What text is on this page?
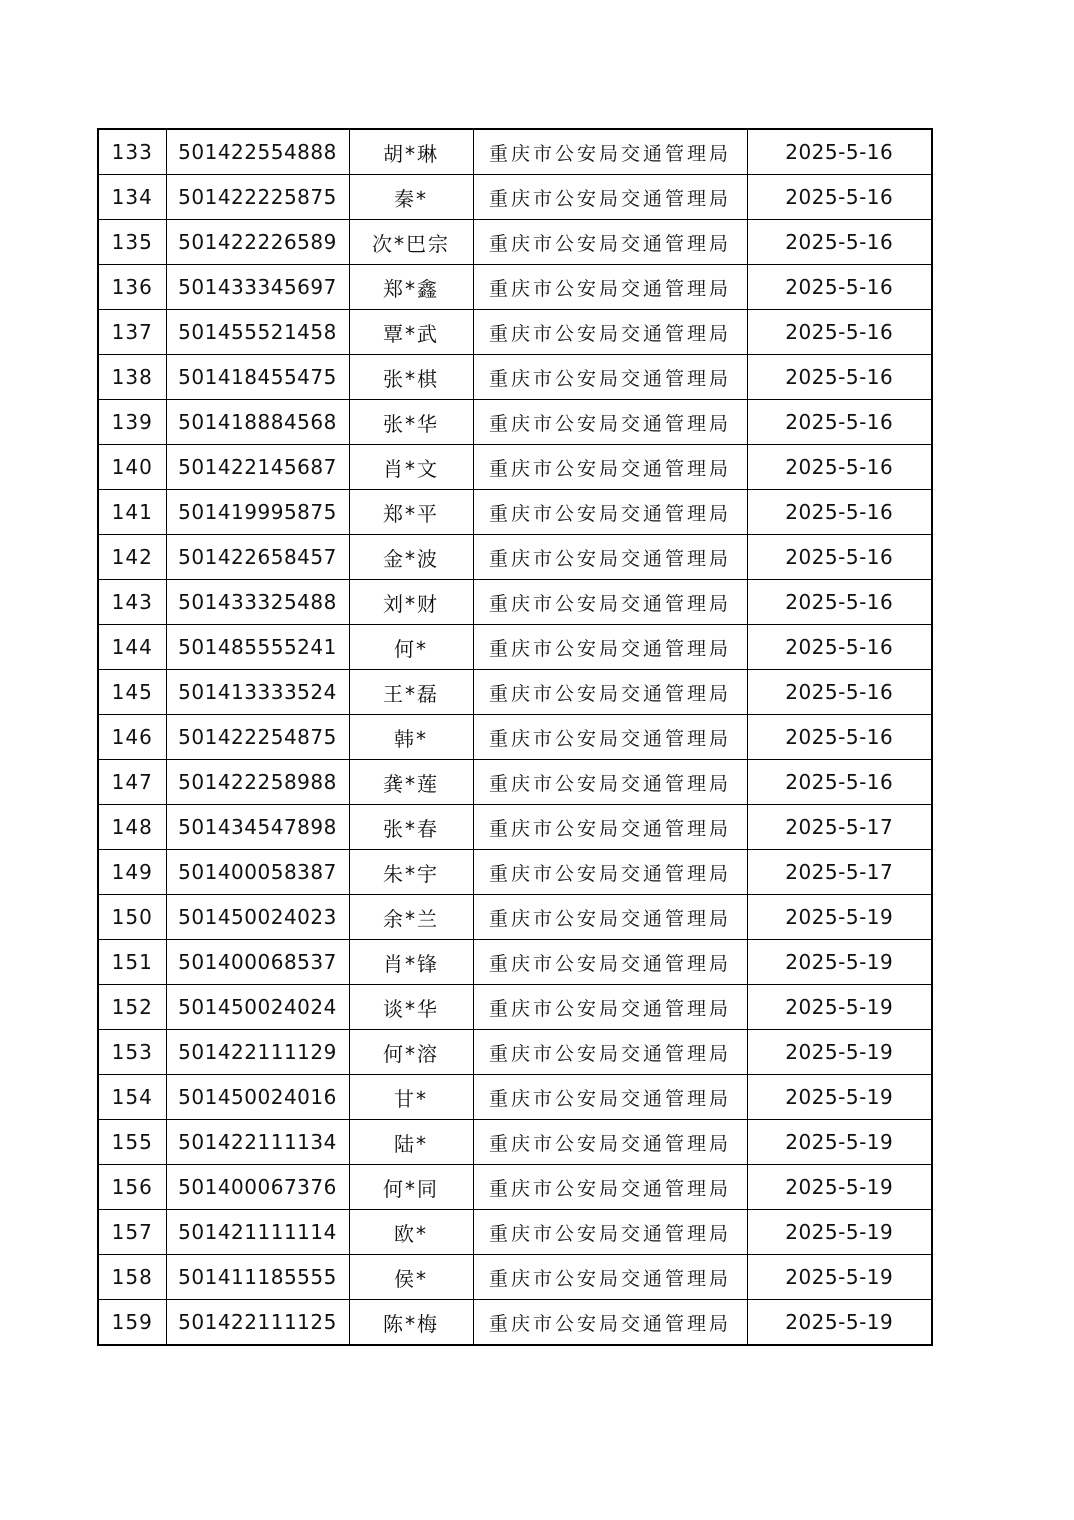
133	501422554888	胡*琳	重庆市公安局交通管理局	2025-5-16
134	501422225875	秦*	重庆市公安局交通管理局	2025-5-16
135	501422226589	次*巴宗	重庆市公安局交通管理局	2025-5-16
136	501433345697	郑*鑫	重庆市公安局交通管理局	2025-5-16
137	501455521458	覃*武	重庆市公安局交通管理局	2025-5-16
138	501418455475	张*棋	重庆市公安局交通管理局	2025-5-16
139	501418884568	张*华	重庆市公安局交通管理局	2025-5-16
140	501422145687	肖*文	重庆市公安局交通管理局	2025-5-16
141	501419995875	郑*平	重庆市公安局交通管理局	2025-5-16
142	501422658457	金*波	重庆市公安局交通管理局	2025-5-16
143	501433325488	刘*财	重庆市公安局交通管理局	2025-5-16
144	501485555241	何*	重庆市公安局交通管理局	2025-5-16
145	501413333524	王*磊	重庆市公安局交通管理局	2025-5-16
146	501422254875	韩*	重庆市公安局交通管理局	2025-5-16
147	501422258988	龚*莲	重庆市公安局交通管理局	2025-5-16
148	501434547898	张*春	重庆市公安局交通管理局	2025-5-17
149	501400058387	朱*宇	重庆市公安局交通管理局	2025-5-17
150	501450024023	余*兰	重庆市公安局交通管理局	2025-5-19
151	501400068537	肖*锋	重庆市公安局交通管理局	2025-5-19
152	501450024024	谈*华	重庆市公安局交通管理局	2025-5-19
153	501422111129	何*溶	重庆市公安局交通管理局	2025-5-19
154	501450024016	甘*	重庆市公安局交通管理局	2025-5-19
155	501422111134	陆*	重庆市公安局交通管理局	2025-5-19
156	501400067376	何*同	重庆市公安局交通管理局	2025-5-19
157	501421111114	欧*	重庆市公安局交通管理局	2025-5-19
158	501411185555	侯*	重庆市公安局交通管理局	2025-5-19
159	501422111125	陈*梅	重庆市公安局交通管理局	2025-5-19
